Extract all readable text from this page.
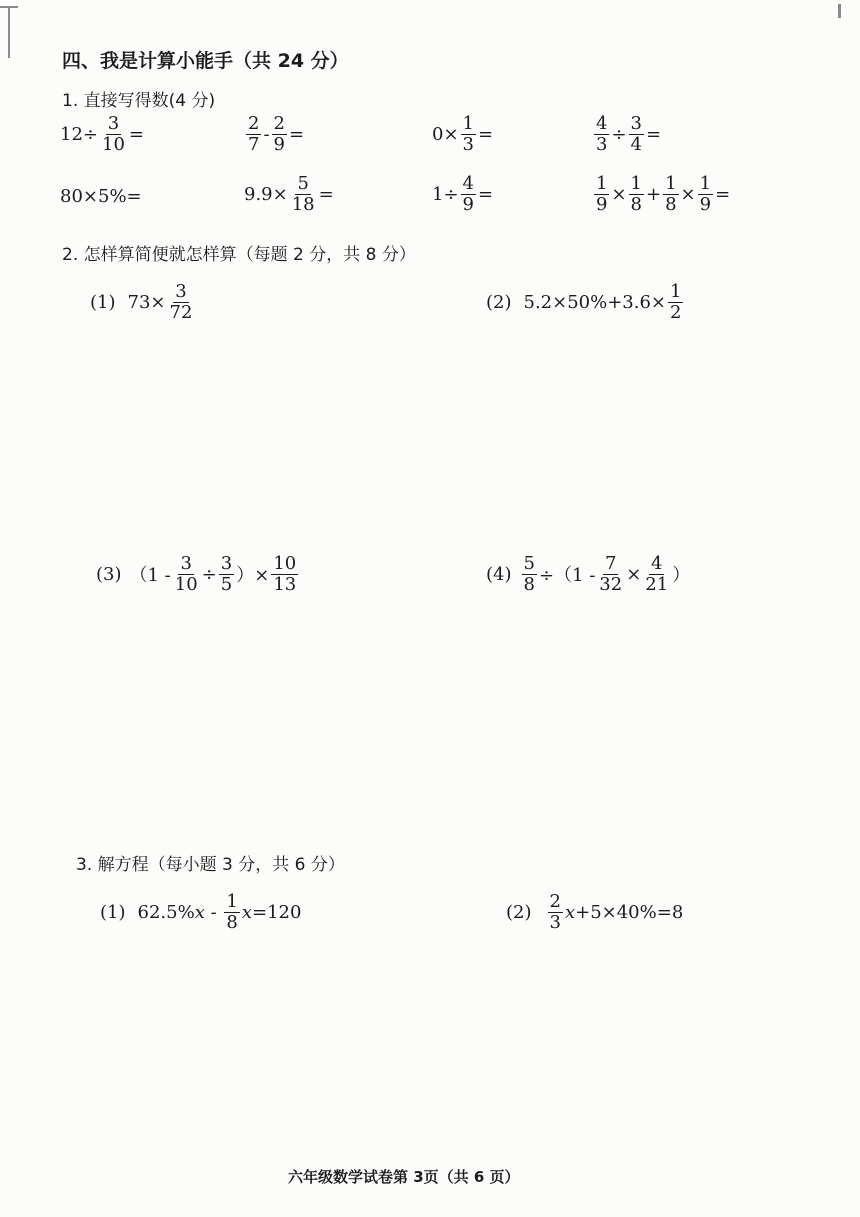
四、我是计算小能手（共 24 分）
1. 直接写得数(4 分)
$12\div \frac{3}{10}$ =	$\frac{2}{7} - \frac{2}{9}$ =	$0\times \frac{1}{3}$ =	$\frac{4}{3} \div \frac{3}{4}$ =
80×5%=	$9.9\times \frac{5}{18}$ =	$1\div \frac{4}{9}$ =	$\frac{1}{9} \times \frac{1}{8} + \frac{1}{8} \times \frac{1}{9}$ =
2. 怎样算简便就怎样算（每题 2 分，共 8 分）
(1) $73\times \frac{3}{72}$	(2) $5.2\times 50\%+3.6\times \frac{1}{2}$
(3) （$1 - \frac{3}{10} \div \frac{3}{5}$ ）× $\frac{10}{13}$	$(4) \frac{5}{8} \div(1 - \frac{7}{32} \times \frac{4}{21}$ ）
3. 解方程（每小题 3 分，共 6 分）
(1) 62.5% x - $\frac{1}{8}$ x =120	$(2) \frac{2}{3}$ x +5×40%=8
六年级数学试卷第 3页（共 6 页）
